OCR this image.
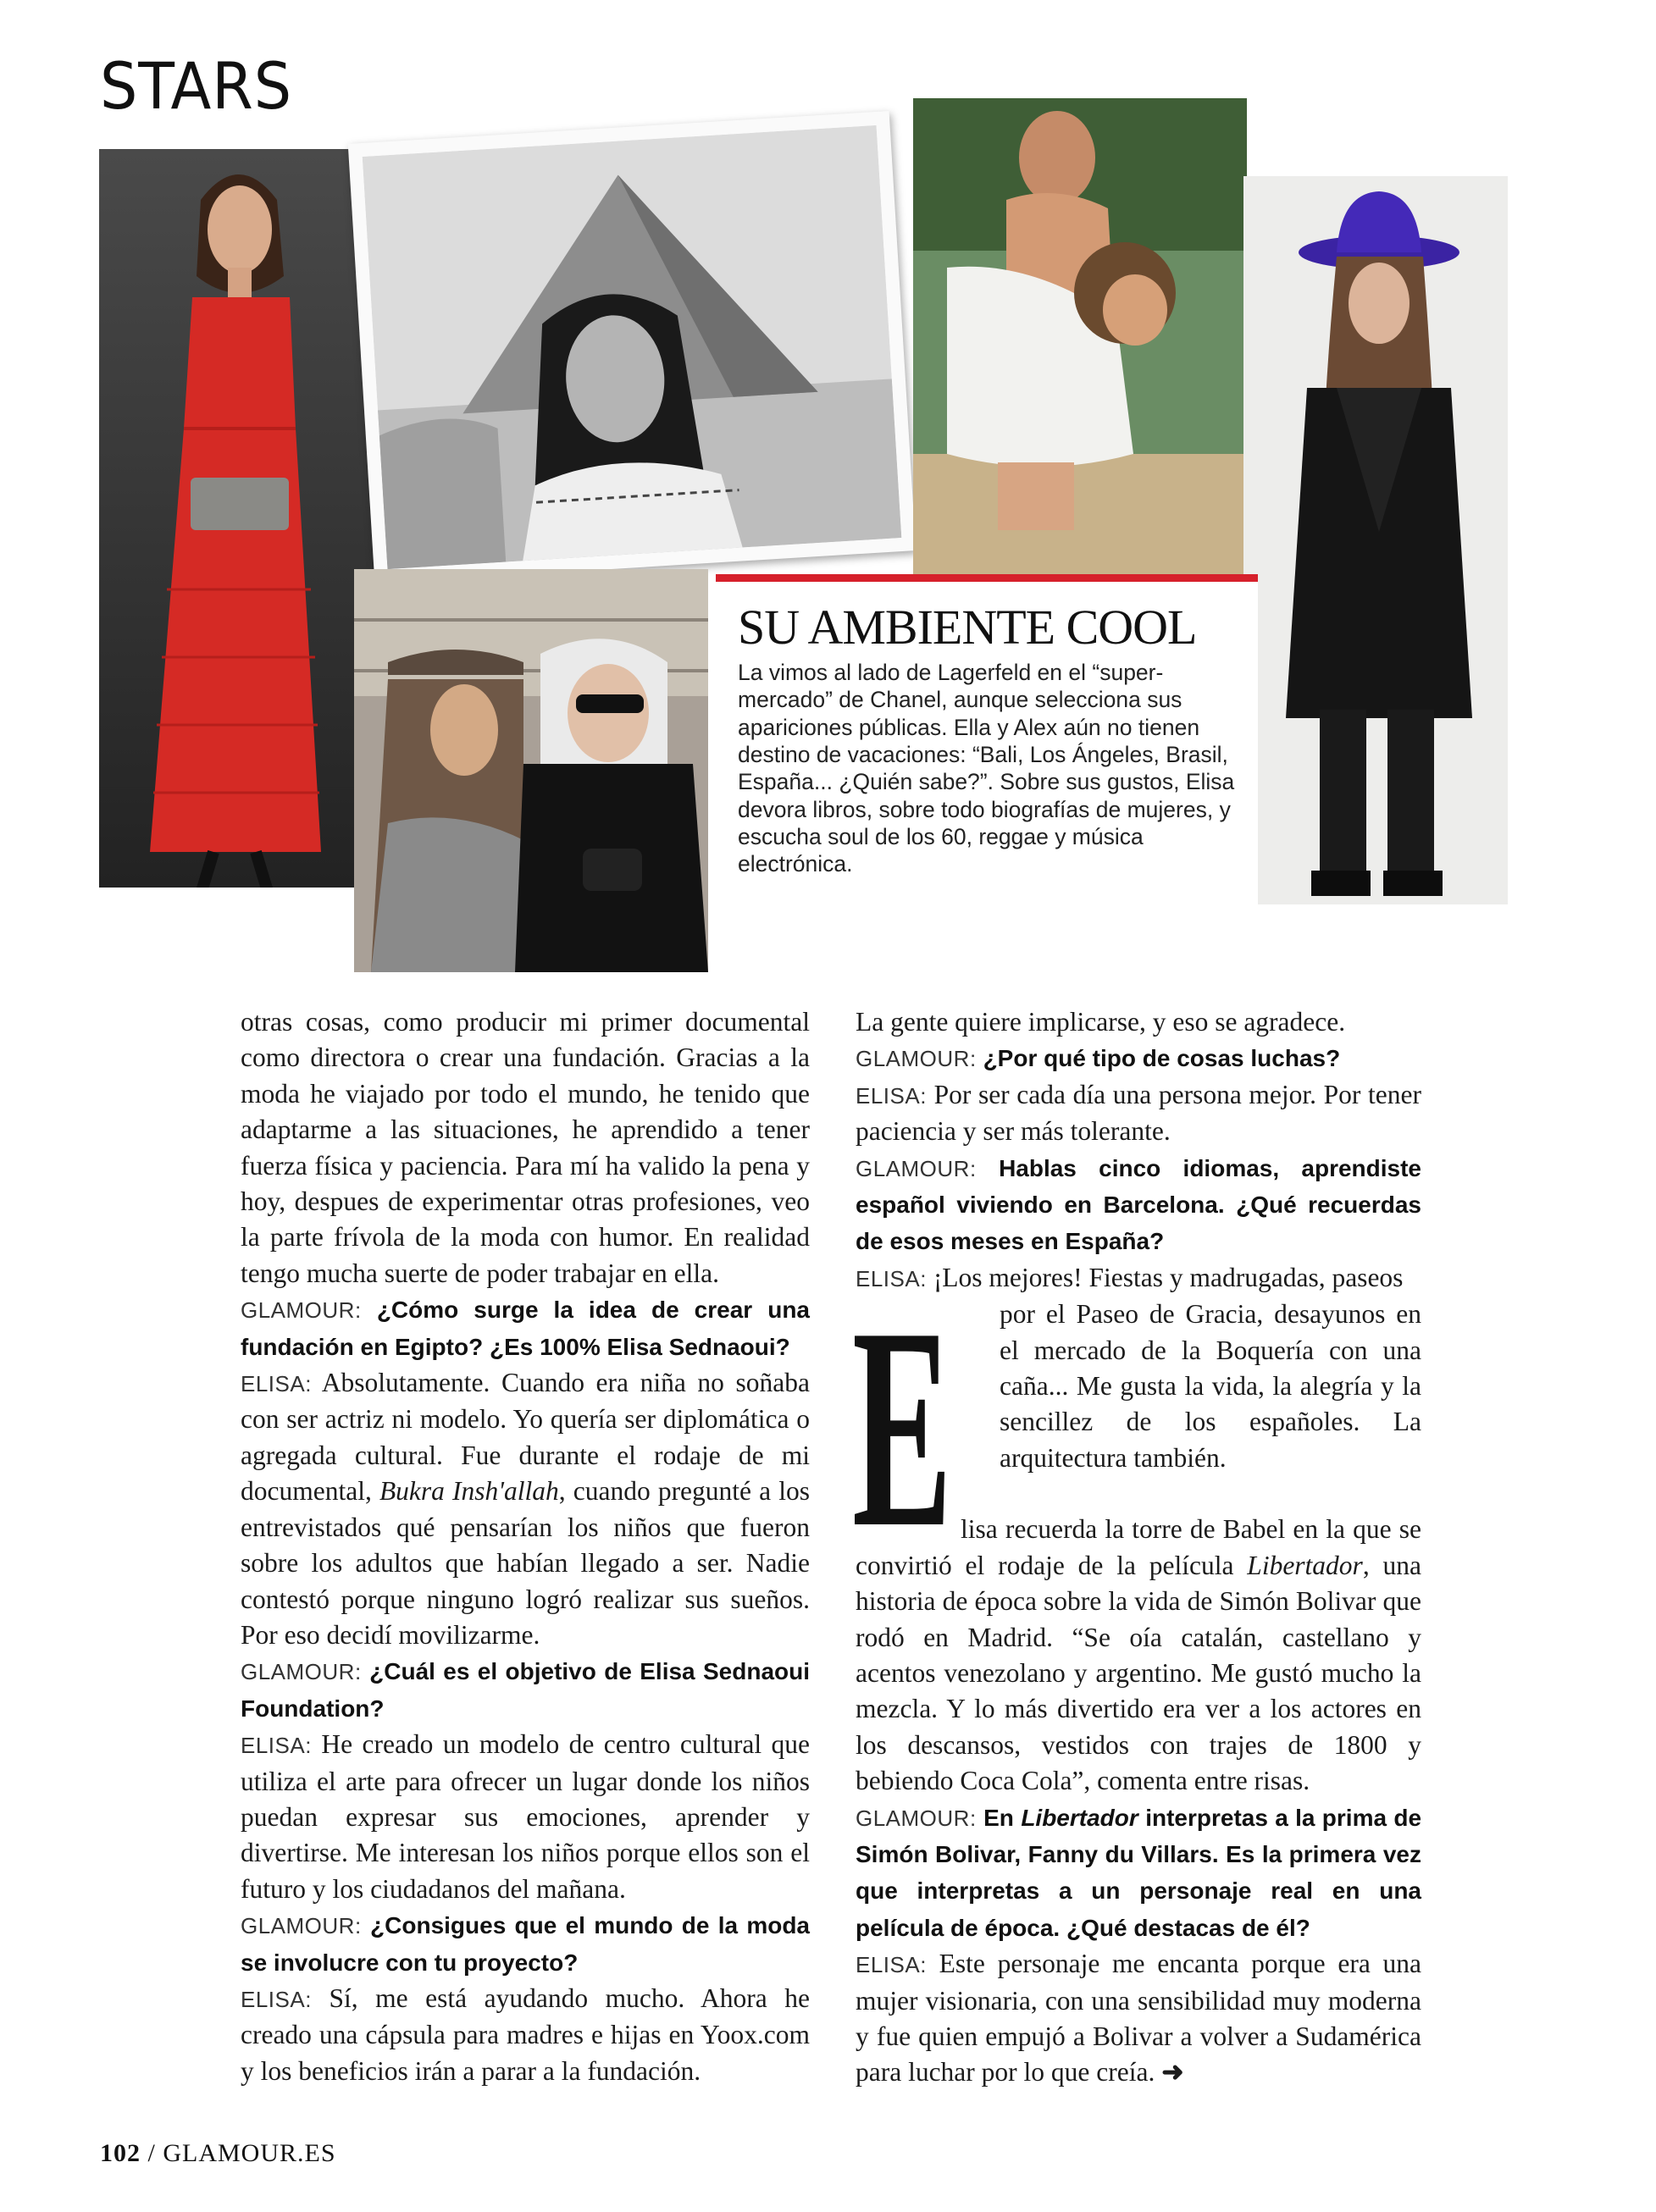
STARS
SU AMBIENTE COOL
La vimos al lado de Lagerfeld en el “super-mercado” de Chanel, aunque selecciona sus apariciones públicas. Ella y Alex aún no tienen destino de vacaciones: “Bali, Los Ángeles, Brasil, España... ¿Quién sabe?”. Sobre sus gustos, Elisa devora libros, sobre todo biografías de mujeres, y escucha soul de los 60, reggae y música electrónica.

otras cosas, como producir mi primer documental como directora o crear una fundación. Gracias a la moda he viajado por todo el mundo, he tenido que adaptarme a las situaciones, he aprendido a tener fuerza física y paciencia. Para mí ha valido la pena y hoy, despues de experimentar otras profesiones, veo la parte frívola de la moda con humor. En realidad tengo mucha suerte de poder trabajar en ella.

GLAMOUR: ¿Cómo surge la idea de crear una fundación en Egipto? ¿Es 100% Elisa Sednaoui?

ELISA: Absolutamente. Cuando era niña no soñaba con ser actriz ni modelo. Yo quería ser diplomática o agregada cultural. Fue durante el rodaje de mi documental, Bukra Insh'allah, cuando pregunté a los entrevistados qué pensarían los niños que fueron sobre los adultos que habían llegado a ser. Nadie contestó porque ninguno logró realizar sus sueños. Por eso decidí movilizarme.

GLAMOUR: ¿Cuál es el objetivo de Elisa Sednaoui Foundation?

ELISA: He creado un modelo de centro cultural que utiliza el arte para ofrecer un lugar donde los niños puedan expresar sus emociones, aprender y divertirse. Me interesan los niños porque ellos son el futuro y los ciudadanos del mañana.

GLAMOUR: ¿Consigues que el mundo de la moda se involucre con tu proyecto?

ELISA: Sí, me está ayudando mucho. Ahora he creado una cápsula para madres e hijas en Yoox.com y los beneficios irán a parar a la fundación.

E

La gente quiere implicarse, y eso se agradece.

GLAMOUR: ¿Por qué tipo de cosas luchas?

ELISA: Por ser cada día una persona mejor. Por tener paciencia y ser más tolerante.

GLAMOUR: Hablas cinco idiomas, aprendiste español viviendo en Barcelona. ¿Qué recuerdas de esos meses en España?

ELISA: ¡Los mejores! Fiestas y madrugadas, paseos

por el Paseo de Gracia, desayunos en el mercado de la Boquería con una caña... Me gusta la vida, la alegría y la sencillez de los españoles. La arquitectura también.

lisa recuerda la torre de Babel en la que se convirtió el rodaje de la película Libertador, una historia de época sobre la vida de Simón Bolivar que rodó en Madrid. “Se oía catalán, castellano y acentos venezolano y argentino. Me gustó mucho la mezcla. Y lo más divertido era ver a los actores en los descansos, vestidos con trajes de 1800 y bebiendo Coca Cola”, comenta entre risas.

GLAMOUR: En Libertador interpretas a la prima de Simón Bolivar, Fanny du Villars. Es la primera vez que interpretas a un personaje real en una película de época. ¿Qué destacas de él?

ELISA: Este personaje me encanta porque era una mujer visionaria, con una sensibilidad muy moderna y fue quien empujó a Bolivar a volver a Sudamérica para luchar por lo que creía. ➜

102 / GLAMOUR.ES
